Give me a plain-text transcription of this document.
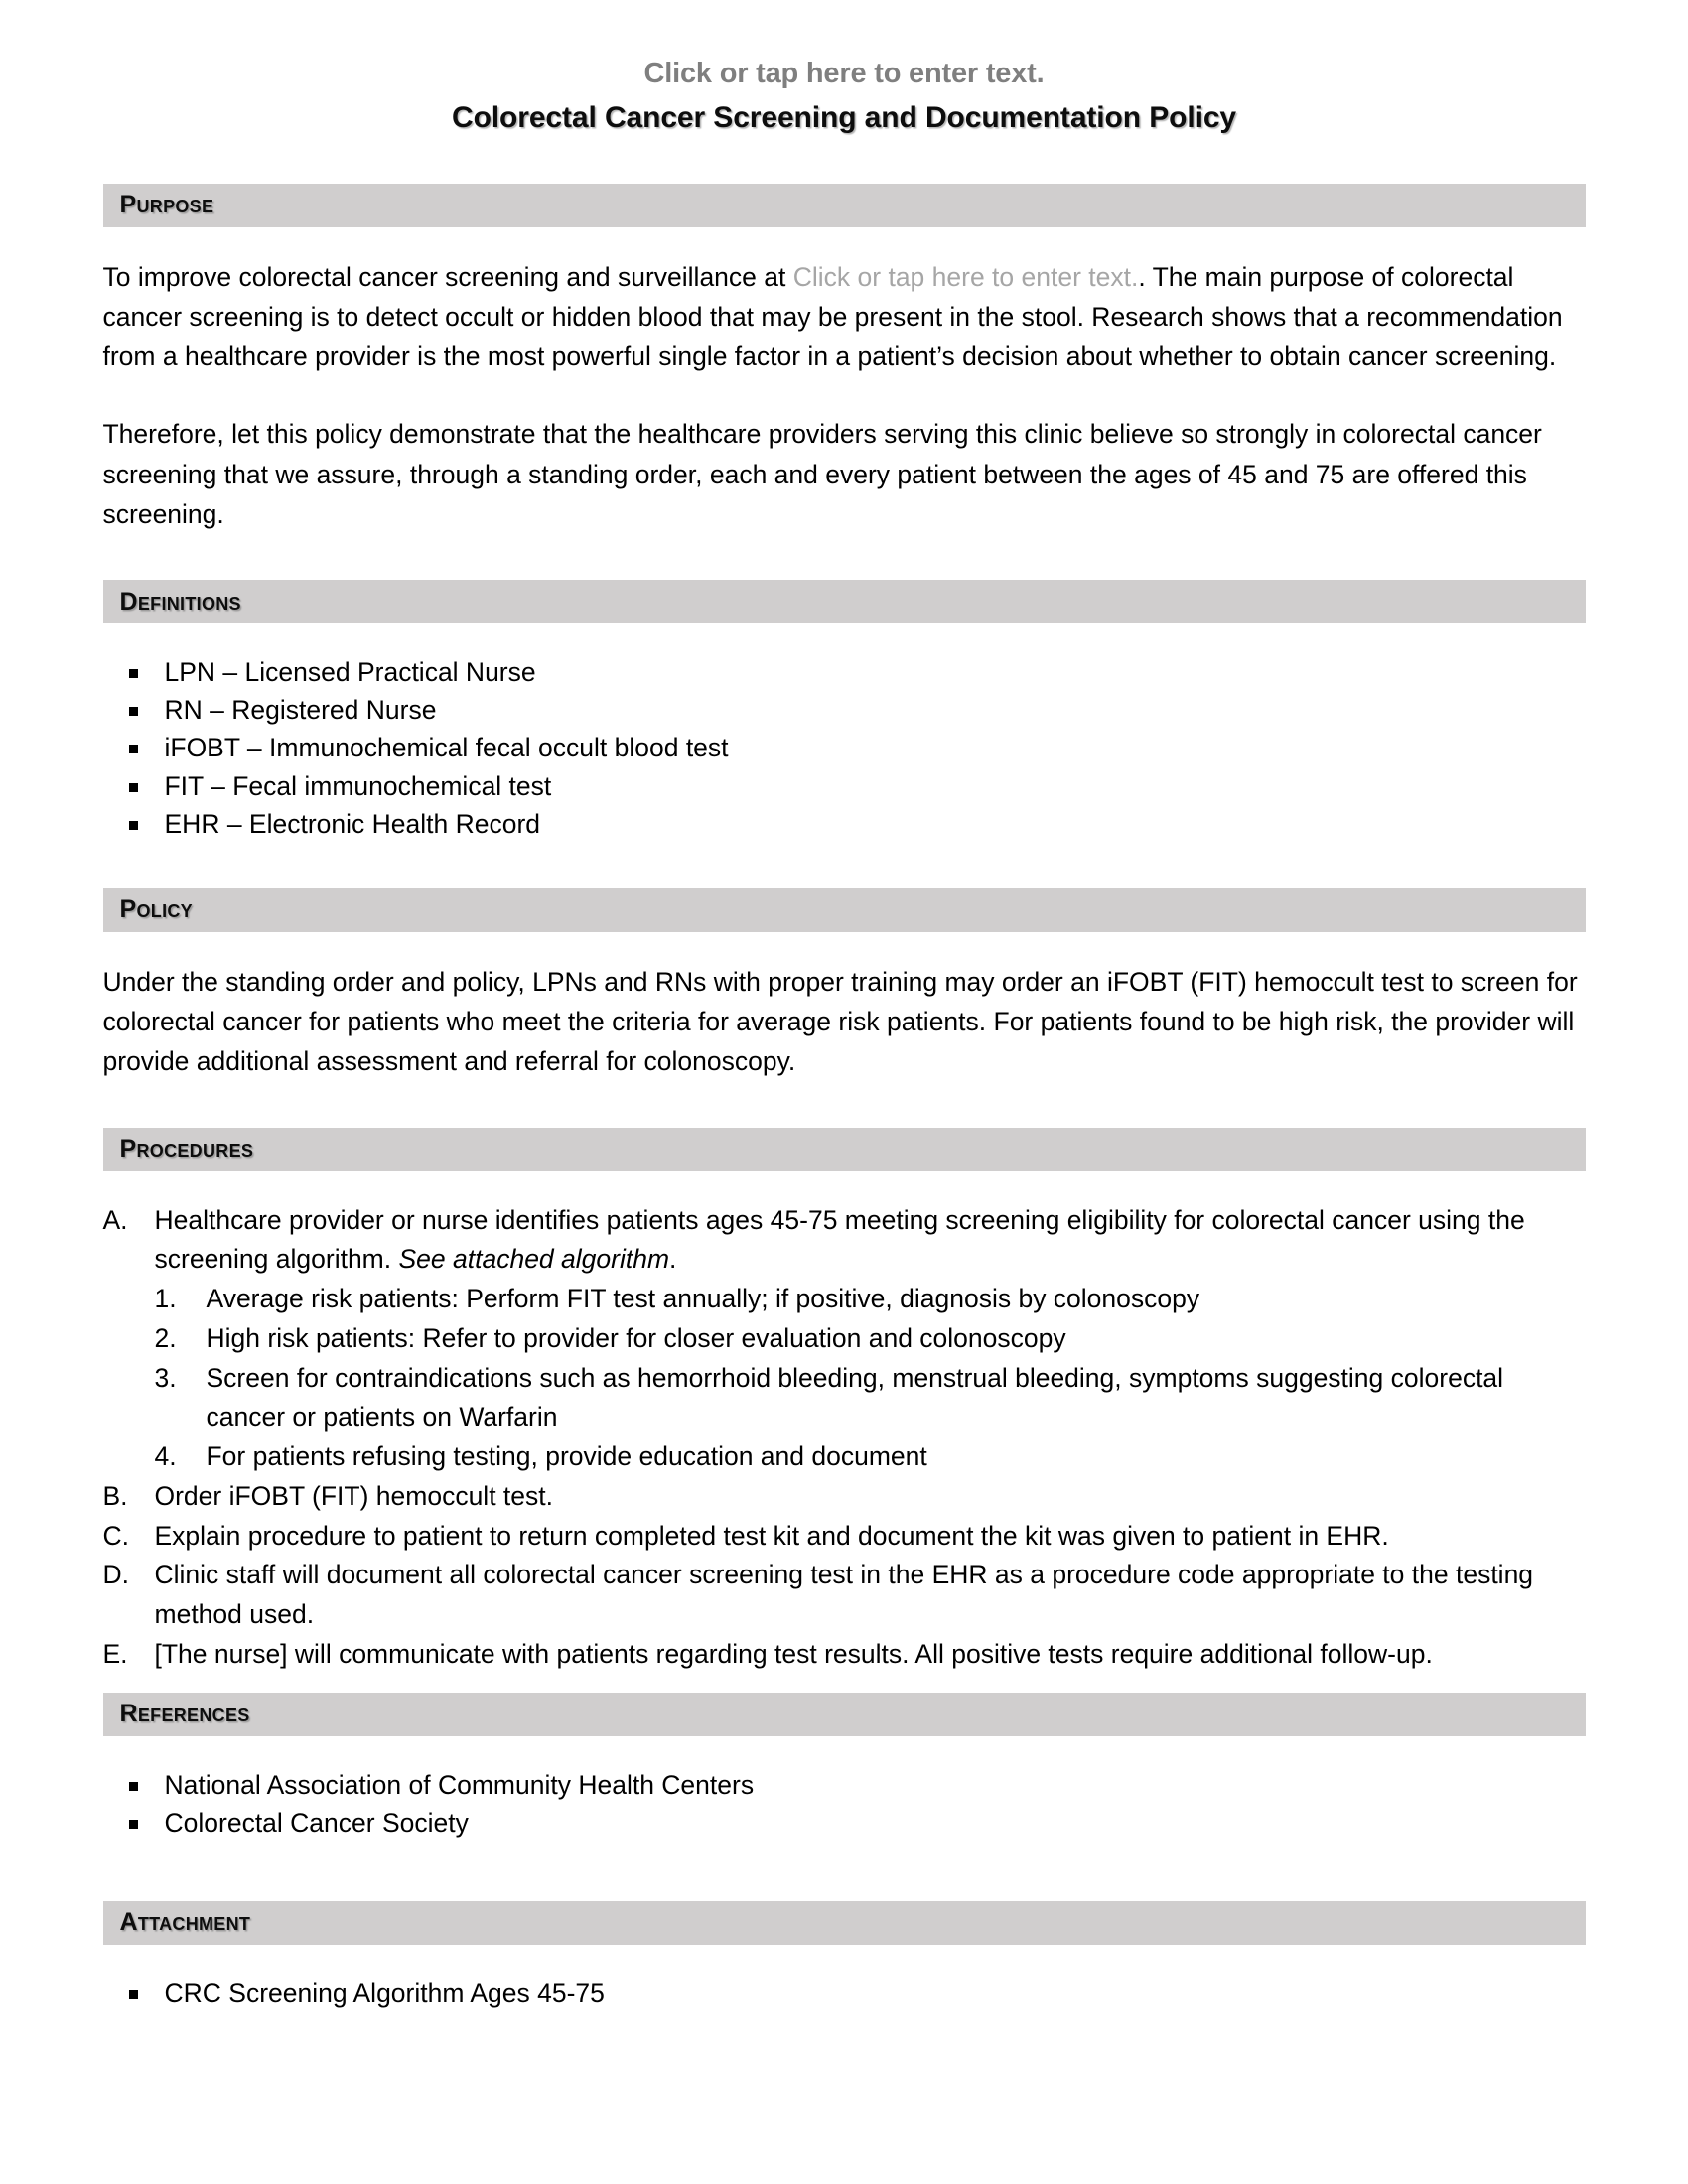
Click or tap here to enter text.
Colorectal Cancer Screening and Documentation Policy
Purpose

To improve colorectal cancer screening and surveillance at Click or tap here to enter text.. The main purpose of colorectal cancer screening is to detect occult or hidden blood that may be present in the stool. Research shows that a recommendation from a healthcare provider is the most powerful single factor in a patient’s decision about whether to obtain cancer screening.

Therefore, let this policy demonstrate that the healthcare providers serving this clinic believe so strongly in colorectal cancer screening that we assure, through a standing order, each and every patient between the ages of 45 and 75 are offered this screening.

Definitions
LPN – Licensed Practical Nurse
RN – Registered Nurse
iFOBT – Immunochemical fecal occult blood test
FIT – Fecal immunochemical test
EHR – Electronic Health Record
Policy

Under the standing order and policy, LPNs and RNs with proper training may order an iFOBT (FIT) hemoccult test to screen for colorectal cancer for patients who meet the criteria for average risk patients. For patients found to be high risk, the provider will provide additional assessment and referral for colonoscopy.

Procedures
A.	Healthcare provider or nurse identifies patients ages 45-75 meeting screening eligibility for colorectal cancer using the screening algorithm. See attached algorithm.
1.	Average risk patients: Perform FIT test annually; if positive, diagnosis by colonoscopy
2.	High risk patients: Refer to provider for closer evaluation and colonoscopy
3.	Screen for contraindications such as hemorrhoid bleeding, menstrual bleeding, symptoms suggesting colorectal cancer or patients on Warfarin
4.	For patients refusing testing, provide education and document
B.	Order iFOBT (FIT) hemoccult test.
C. Explain procedure to patient to return completed test kit and document the kit was given to patient in EHR.
D. Clinic staff will document all colorectal cancer screening test in the EHR as a procedure code appropriate to the testing method used.
E.	[The nurse] will communicate with patients regarding test results. All positive tests require additional follow-up.
References
National Association of Community Health Centers
Colorectal Cancer Society
Attachment
CRC Screening Algorithm Ages 45-75
